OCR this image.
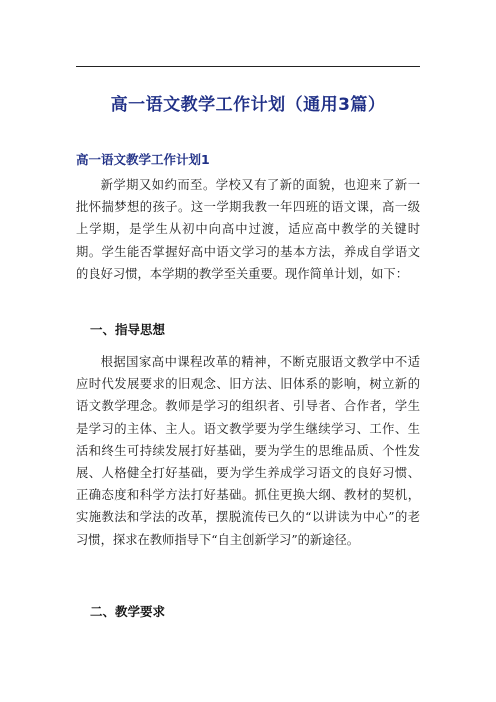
高一语文教学工作计划（通用3篇）
高一语文教学工作计划1

新学期又如约而至。学校又有了新的面貌，也迎来了新一批怀揣梦想的孩子。这一学期我教一年四班的语文课，高一级上学期，是学生从初中向高中过渡，适应高中教学的关键时期。学生能否掌握好高中语文学习的基本方法，养成自学语文的良好习惯，本学期的教学至关重要。现作简单计划，如下：

一、指导思想

根据国家高中课程改革的精神，不断克服语文教学中不适应时代发展要求的旧观念、旧方法、旧体系的影响，树立新的语文教学理念。教师是学习的组织者、引导者、合作者，学生是学习的主体、主人。语文教学要为学生继续学习、工作、生活和终生可持续发展打好基础，要为学生的思维品质、个性发展、人格健全打好基础，要为学生养成学习语文的良好习惯、正确态度和科学方法打好基础。抓住更换大纲、教材的契机，实施教法和学法的改革，摆脱流传已久的“以讲读为中心”的老习惯，探求在教师指导下“自主创新学习”的新途径。

二、教学要求
